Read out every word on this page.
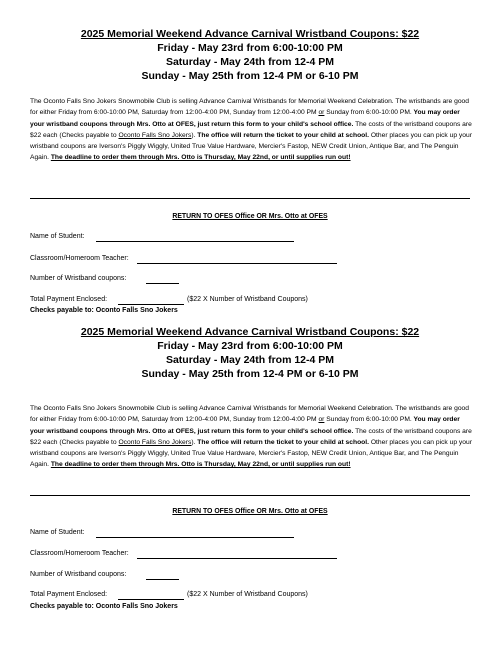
2025 Memorial Weekend Advance Carnival Wristband Coupons: $22
Friday - May 23rd from 6:00-10:00 PM
Saturday - May 24th from 12-4 PM
Sunday - May 25th from 12-4 PM or 6-10 PM
The Oconto Falls Sno Jokers Snowmobile Club is selling Advance Carnival Wristbands for Memorial Weekend Celebration. The wristbands are good for either Friday from 6:00-10:00 PM, Saturday from 12:00-4:00 PM, Sunday from 12:00-4:00 PM or Sunday from 6:00-10:00 PM. You may order your wristband coupons through Mrs. Otto at OFES, just return this form to your child's school office. The costs of the wristband coupons are $22 each (Checks payable to Oconto Falls Sno Jokers). The office will return the ticket to your child at school. Other places you can pick up your wristband coupons are Iverson's Piggly Wiggly, United True Value Hardware, Mercier's Fastop, NEW Credit Union, Antique Bar, and The Penguin Again. The deadline to order them through Mrs. Otto is Thursday, May 22nd, or until supplies run out!
RETURN TO OFES Office OR Mrs. Otto at OFES
Name of Student:
Classroom/Homeroom Teacher:
Number of Wristband coupons:
Total Payment Enclosed:	($22 X Number of Wristband Coupons)
Checks payable to: Oconto Falls Sno Jokers
2025 Memorial Weekend Advance Carnival Wristband Coupons: $22
Friday - May 23rd from 6:00-10:00 PM
Saturday - May 24th from 12-4 PM
Sunday - May 25th from 12-4 PM or 6-10 PM
The Oconto Falls Sno Jokers Snowmobile Club is selling Advance Carnival Wristbands for Memorial Weekend Celebration. The wristbands are good for either Friday from 6:00-10:00 PM, Saturday from 12:00-4:00 PM, Sunday from 12:00-4:00 PM or Sunday from 6:00-10:00 PM. You may order your wristband coupons through Mrs. Otto at OFES, just return this form to your child's school office. The costs of the wristband coupons are $22 each (Checks payable to Oconto Falls Sno Jokers). The office will return the ticket to your child at school. Other places you can pick up your wristband coupons are Iverson's Piggly Wiggly, United True Value Hardware, Mercier's Fastop, NEW Credit Union, Antique Bar, and The Penguin Again. The deadline to order them through Mrs. Otto is Thursday, May 22nd, or until supplies run out!
RETURN TO OFES Office OR Mrs. Otto at OFES
Name of Student:
Classroom/Homeroom Teacher:
Number of Wristband coupons:
Total Payment Enclosed:	($22 X Number of Wristband Coupons)
Checks payable to: Oconto Falls Sno Jokers
